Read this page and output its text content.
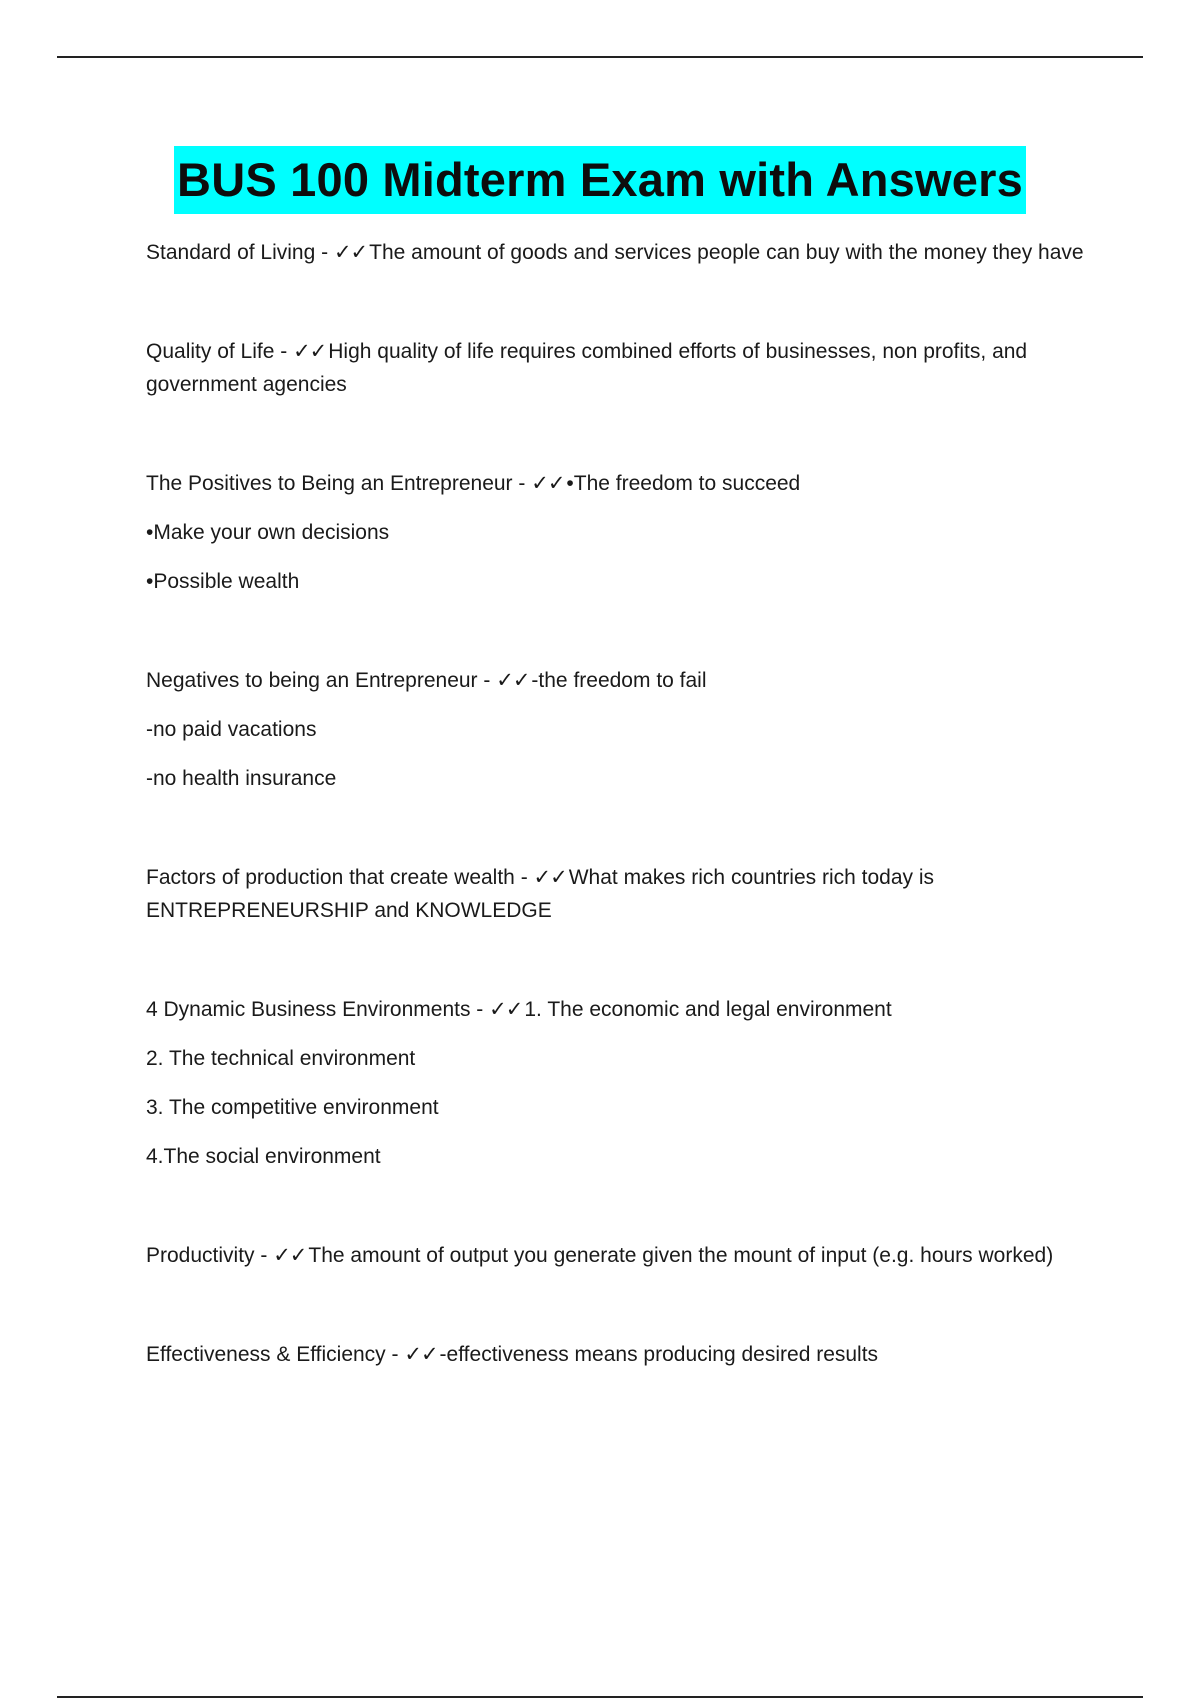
BUS 100 Midterm Exam with Answers

Standard of Living - ✓✓The amount of goods and services people can buy with the money they have

Quality of Life - ✓✓High quality of life requires combined efforts of businesses, non profits, and government agencies

The Positives to Being an Entrepreneur - ✓✓•The freedom to succeed

•Make your own decisions

•Possible wealth

Negatives to being an Entrepreneur - ✓✓-the freedom to fail

-no paid vacations

-no health insurance

Factors of production that create wealth - ✓✓What makes rich countries rich today is ENTREPRENEURSHIP and KNOWLEDGE

4 Dynamic Business Environments - ✓✓1. The economic and legal environment

2. The technical environment

3. The competitive environment

4.The social environment

Productivity - ✓✓The amount of output you generate given the mount of input (e.g. hours worked)

Effectiveness & Efficiency - ✓✓-effectiveness means producing desired results
